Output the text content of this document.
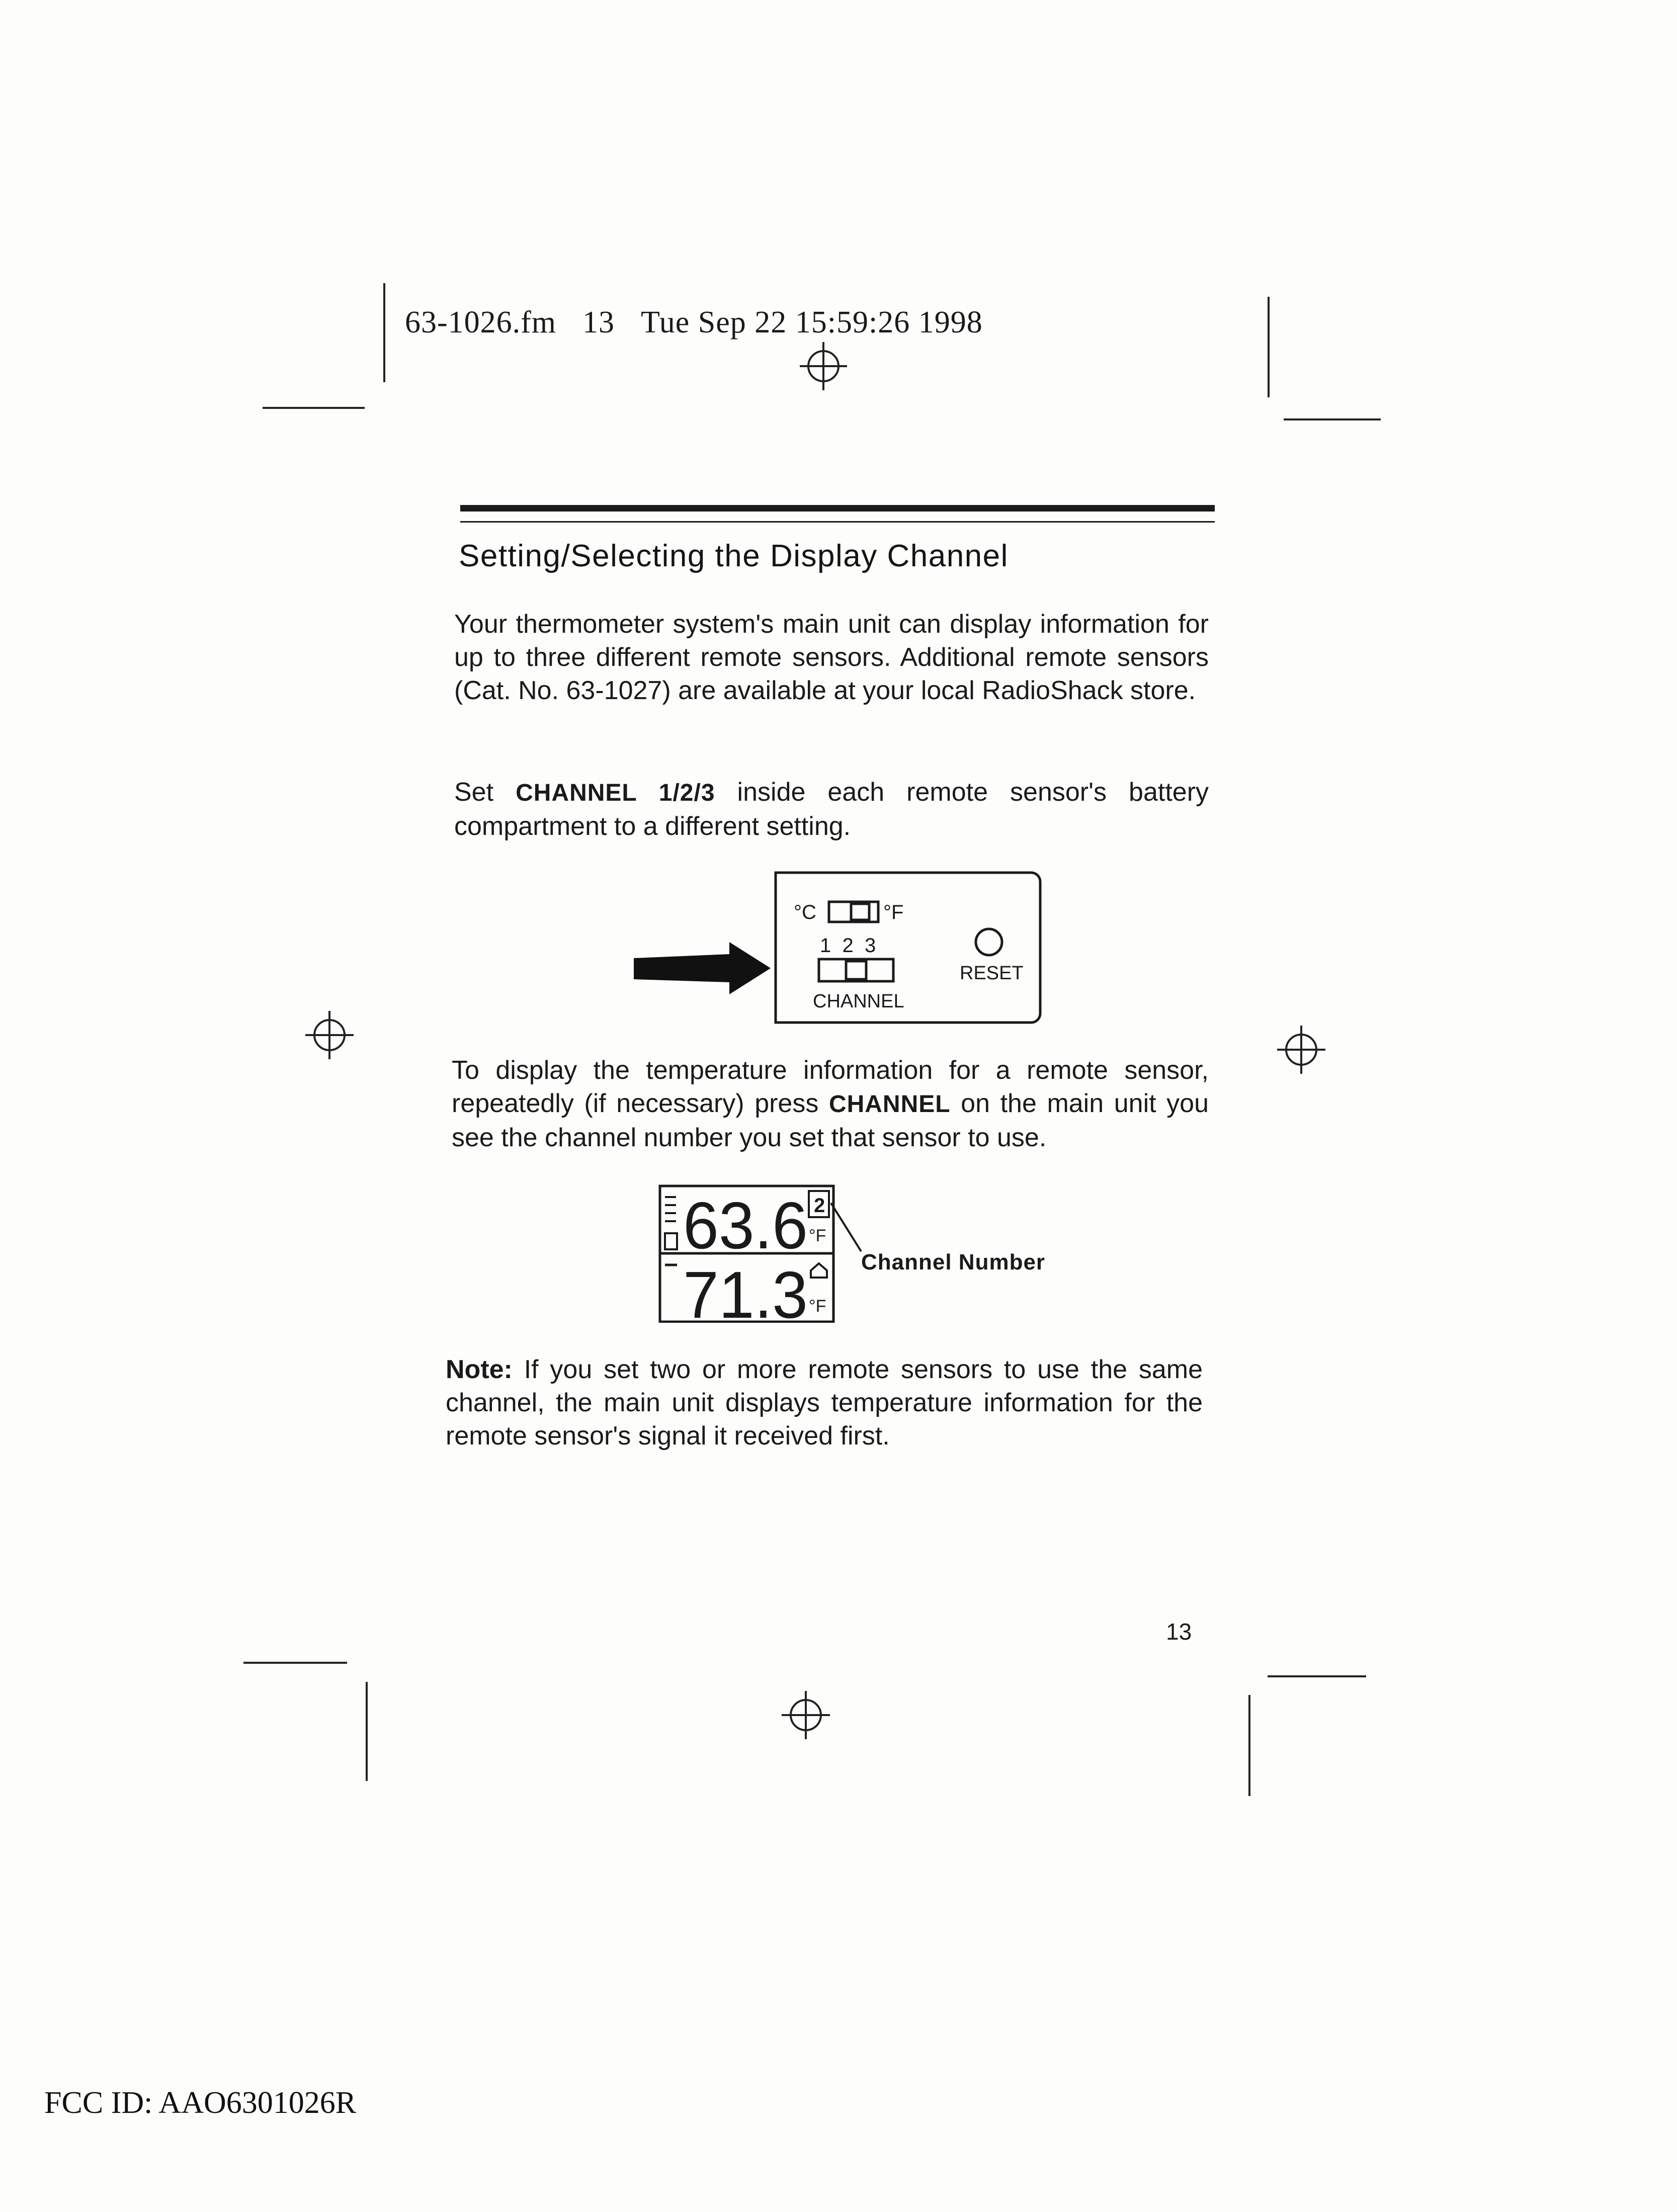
63-1026.fm 13 Tue Sep 22 15:59:26 1998
Setting/Selecting the Display Channel
Your thermometer system's main unit can display information for up to three different remote sensors. Additional remote sensors (Cat. No. 63-1027) are available at your local RadioShack store.
Set CHANNEL 1/2/3 inside each remote sensor's battery compartment to a different setting.
°C	°F
1  2  3
CHANNEL
RESET
To display the temperature information for a remote sensor, repeatedly (if necessary) press CHANNEL on the main unit you see the channel number you set that sensor to use.
63.6
71.3
2
°F
°F
Channel Number
Note: If you set two or more remote sensors to use the same channel, the main unit displays temperature information for the remote sensor's signal it received first.
13
FCC ID: AAO6301026R
